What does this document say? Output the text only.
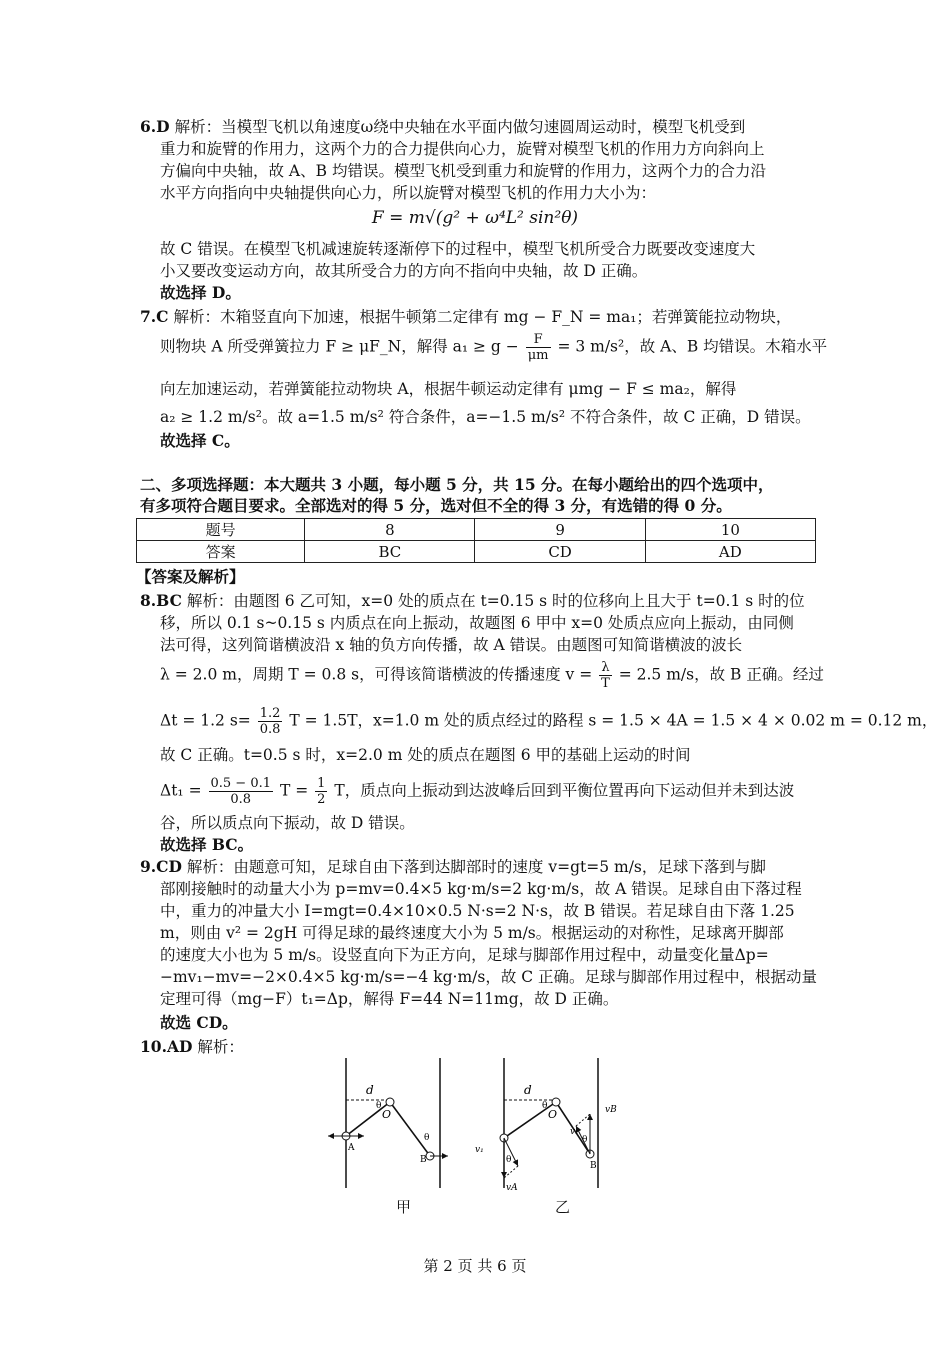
6.D 解析：当模型飞机以角速度ω绕中央轴在水平面内做匀速圆周运动时，模型飞机受到
重力和旋臂的作用力，这两个力的合力提供向心力，旋臂对模型飞机的作用力方向斜向上
方偏向中央轴，故 A、B 均错误。模型飞机受到重力和旋臂的作用力，这两个力的合力沿
水平方向指向中央轴提供向心力，所以旋臂对模型飞机的作用力大小为：
F = m√(g² + ω⁴L² sin²θ)
故 C 错误。在模型飞机减速旋转逐渐停下的过程中，模型飞机所受合力既要改变速度大
小又要改变运动方向，故其所受合力的方向不指向中央轴，故 D 正确。
故选择 D。
7.C 解析：木箱竖直向下加速，根据牛顿第二定律有 mg − F_N = ma₁；若弹簧能拉动物块，
则物块 A 所受弹簧拉力 F ≥ μF_N，解得 $a_1 \ge g - \frac{F}{\mu m} = 3$ m/s²，故 A、B 均错误。木箱水平
向左加速运动，若弹簧能拉动物块 A，根据牛顿运动定律有 μmg − F ≤ ma₂，解得
a₂ ≥ 1.2 m/s²。故 a=1.5 m/s² 符合条件，a=−1.5 m/s² 不符合条件，故 C 正确，D 错误。
故选择 C。
二、多项选择题：本大题共 3 小题，每小题 5 分，共 15 分。在每小题给出的四个选项中，
有多项符合题目要求。全部选对的得 5 分，选对但不全的得 3 分，有选错的得 0 分。
题号	8	9	10
答案	BC	CD	AD
【答案及解析】
8.BC 解析：由题图 6 乙可知，x=0 处的质点在 t=0.15 s 时的位移向上且大于 t=0.1 s 时的位
移，所以 0.1 s~0.15 s 内质点在向上振动，故题图 6 甲中 x=0 处质点应向上振动，由同侧
法可得，这列简谐横波沿 x 轴的负方向传播，故 A 错误。由题图可知简谐横波的波长
λ = 2.0 m，周期 T = 0.8 s，可得该简谐横波的传播速度 $v = \frac{\lambda}{T} = 2.5$ m/s，故 B 正确。经过
Δt = 1.2 $s= \frac{1.2}{0.8}$ T = 1.5T，x=1.0 m 处的质点经过的路程 s = 1.5 × 4A = 1.5 × 4 × 0.02 m = 0.12 m，
故 C 正确。t=0.5 s 时，x=2.0 m 处的质点在题图 6 甲的基础上运动的时间
$\Delta t_1 = \frac{0.5 - 0.1}{0.8}$ $T = \frac{1}{2}$ T，质点向上振动到达波峰后回到平衡位置再向下运动但并未到达波
谷，所以质点向下振动，故 D 错误。
故选择 BC。
9.CD 解析：由题意可知，足球自由下落到达脚部时的速度 v=gt=5 m/s，足球下落到与脚
部刚接触时的动量大小为 p=mv=0.4×5 kg·m/s=2 kg·m/s，故 A 错误。足球自由下落过程
中，重力的冲量大小 I=mgt=0.4×10×0.5 N·s=2 N·s，故 B 错误。若足球自由下落 1.25
m，则由 v² = 2gH 可得足球的最终速度大小为 5 m/s。根据运动的对称性，足球离开脚部
的速度大小也为 5 m/s。设竖直向下为正方向，足球与脚部作用过程中，动量变化量Δp=
−mv₁−mv=−2×0.4×5 kg·m/s=−4 kg·m/s，故 C 正确。足球与脚部作用过程中，根据动量
定理可得（mg−F）t₁=Δp，解得 F=44 N=11mg，故 D 正确。
故选 CD。
10.AD 解析：
d
O
θ
θ
A
B
d
O
θ
θ
θ
v₁
vA
v₁
vB
B
甲	乙
第 2 页 共 6 页
